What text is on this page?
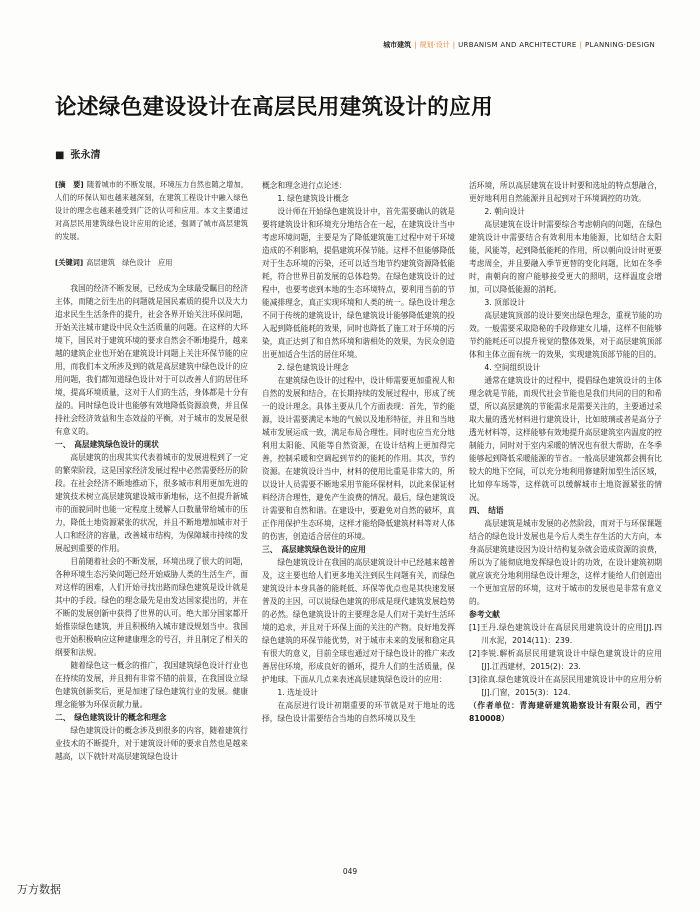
城市建筑 | 规划·设计 | URBANISM AND ARCHITECTURE | PLANNING·DESIGN
论述绿色建设设计在高层民用建筑设计的应用
■ 张永清
[摘　要] 随着城市的不断发展，环境压力自然也随之增加，人们的环保认知也越来越深刻，在建筑工程设计中融入绿色设计的理念也越来越受到广泛的认可和应用。本文主要通过对高层民用建筑绿色设计应用的论述，强调了城市高层建筑的发展。
[关键词] 高层建筑　绿色设计　应用

我国的经济不断发展，已经成为全球最受瞩目的经济主体，而随之衍生出的问题就是国民素质的提升以及大力追求民生生活条件的提升，社会各界开始关注环保问题，开始关注城市建设中民众生活质量的问题。在这样的大环境下，国民对于建筑环境的要求自然会不断地提升，越来越的建筑企业也开始在建筑设计问题上关注环保节能的应用，而我们本文所涉及到的就是高层建筑中绿色设计的应用问题，我们都知道绿色设计对于可以改善人们的居住环境，提高环境质量，这对于人们的生活，身体都是十分有益的。同时绿色设计也能够有效地降低资源浪费，并且保持社会经济效益和生态效益的平衡，对于城市的发展是很有意义的。

一、　高层建筑绿色设计的现状

高层建筑的出现其实代表着城市的发展进程到了一定的繁荣阶段，这是国家经济发展过程中必然需要经历的阶段。在社会经济不断地推动下，很多城市利用更加先进的建筑技术树立高层建筑建设城市新地标，这不但提升新城市的面貌同时也能一定程度上缓解人口数量带给城市的压力，降低土地资源紧张的状况，并且不断地增加城市对于人口和经济的容量，改善城市结构，为保障城市持续的发展起到重要的作用。

目前随着社会的不断发展，环境出现了很大的问题，各种环境生态污染问题已经开始威胁人类的生活生产，面对这样的困难，人们开始寻找出路而绿色建筑是设计就是其中的手段。绿色的理念最先是由发达国家提出的，并在不断的发展创新中获得了世界的认可。绝大部分国家都开始推崇绿色建筑，并且积极纳入城市建设规划当中。我国也开始积极响应这种建康理念的号召，并且制定了相关的纲要和法规。

随着绿色这一概念的推广，我国建筑绿色设计行业也在持续的发展，并且拥有非常不错的前景，在我国设立绿色建筑创新奖后，更是加速了绿色建筑行业的发展。健康理念能够为环保贡献力量。

二、　绿色建筑设计的概念和理念

绿色建筑设计的概念涉及到很多的内容，随着建筑行业技术的不断提升，对于建筑设计师的要求自然也是越来越高，以下就针对高层建筑绿色设计

概念和理念进行点论述：

1. 绿色建筑设计概念

设计师在开始绿色建筑设计中，首先需要确认的就是要将建筑设计和环境充分地结合在一起，在建筑设计当中考虑环境问题，主要是为了降低建筑施工过程中对于环境造成的不利影响，提倡建筑环保节能。这样不但能够降低对于生态环境的污染，还可以适当地节约建筑资源降低能耗，符合世界目前发展的总体趋势。在绿色建筑设计的过程中，也要考虑到本地的生态环境特点，要利用当前的节能减排理念，真正实现环境和人类的统一。绿色设计理念不同于传统的建筑设计，绿色建筑设计能够降低建筑的投入起到降低能耗的效果，同时也降低了施工对于环境的污染，真正达到了和自然环境和谐相处的效果，为民众创造出更加适合生活的居住环境。

2. 绿色建筑设计理念

在建筑绿色设计的过程中，设计师需要更加重视人和自然的发展和结合，在长期持续的发展过程中，形成了统一的设计理念。具体主要从几个方面表现：首先，节约能源，设计需要满足本地的气候以及地形特征，并且和当地城市发展运成一致，满足布局合理性。同时也应当充分地利用太阳能、风能等自然资源，在设计结构上更加得完善，控制采暖和空调起到节约的能耗的作用。其次，节约资源。在建筑设计当中，材料的使用比重是非常大的，所以设计人员需要不断地采用节能环保材料，以此来保证材料经济合理性，避免产生浪费的情况。最后，绿色建筑设计需要和自然和谐。在建设中，要避免对自然的破坏，真正作用保护生态环境，这样才能给降低建筑材料等对人体的伤害，创造适合居住的环境。

三、　高层建筑绿色设计的应用

绿色建筑设计在我国的高层建筑设计中已经越来越普及，这主要也给人们更多地关注到民生问题有关，而绿色建筑设计本身具备的能耗低、环保等优点也是其快速发展普及的主因，可以说绿色建筑的形成是现代建筑发展趋势的必然。绿色建筑设计的主要理念是人们对于美好生活环境的追求，并且对于环保上面的关注的产物。良好地发挥绿色建筑的环保节能优势，对于城市未来的发展和稳定具有很大的意义，目前全球也通过对于绿色设计的推广来改善居住环境，形成良好的循环，提升人们的生活质量，保护地球。下面从几点来表述高层建筑绿色设计的应用：

1. 选址设计

在高层进行设计初期重要的环节就是对于地址的选择，绿色设计需要结合当地的自然环境以及生

活环境，所以高层建筑在设计时要和选址的特点想融合，更好地利用自然能源并且起到对于环境调控的功效。

2. 朝向设计

高层建筑在设计时需要综合考虑朝向的问题，在绿色建筑设计中需要结合有效利用本地能源，比如结合太阳能，风能等，起到降低能耗的作用，所以朝向设计时更要考虑周全，并且要融入季节更替的变化问题，比如在冬季时，南朝向的窗户能够接受更大的照明，这样温度会增加，可以降低能源的消耗。

3. 顶部设计

高层建筑顶部的设计要突出绿色理念，重视节能的功效。一般需要采取隐秘的手段修建女儿墙，这样不但能够节约能耗还可以提升视觉的整体效果，对于高层建筑顶部体和主体立面有统一的效果，实现建筑顶部节能的目的。

4. 空间组织设计

通常在建筑设计的过程中，提倡绿色建筑设计的主体理念就是节能，而现代社会节能也是我们共同的目的和希望，所以高层建筑的节能需求是需要关注的，主要通过采取大量的透光材料进行建筑设计，比如玻璃或者是高分子透光材料等，这样能够有效地提升高层建筑室内温度的控制能力，同时对于室内采暖的情况也有很大帮助，在冬季能够起到降低采暖能源的节省。一般高层建筑都会拥有比较大的地下空间，可以充分地利用修建附加型生活区域，比如停车场等，这样就可以缓解城市土地资源紧张的情况。

四、　结语

高层建筑是城市发展的必然阶段，而对于与环保课题结合的绿色设计发展也是今后人类生存生活的大方向，本身高层建筑建设因为设计结构复杂就会造成资源的浪费，所以为了能彻底地发挥绿色设计的功效，在设计建筑初期就应该充分地利用绿色设计理念，这样才能给人们创造出一个更加宜居的环境，这对于城市的发展也是非常有意义的。

参考文献

[1]王丹.绿色建筑设计在高层民用建筑设计的应用[J].四川水泥，2014(11)：239.

[2]李锐.解析高层民用建筑设计中绿色建筑设计的应用[J].江西建材，2015(2)：23.

[3]徐真.绿色建筑设计在高层民用建筑设计中的应用分析[J].门窗，2015(3)：124.

（作者单位：青海建研建筑勘察设计有限公司，西宁 810008）

049
万方数据
